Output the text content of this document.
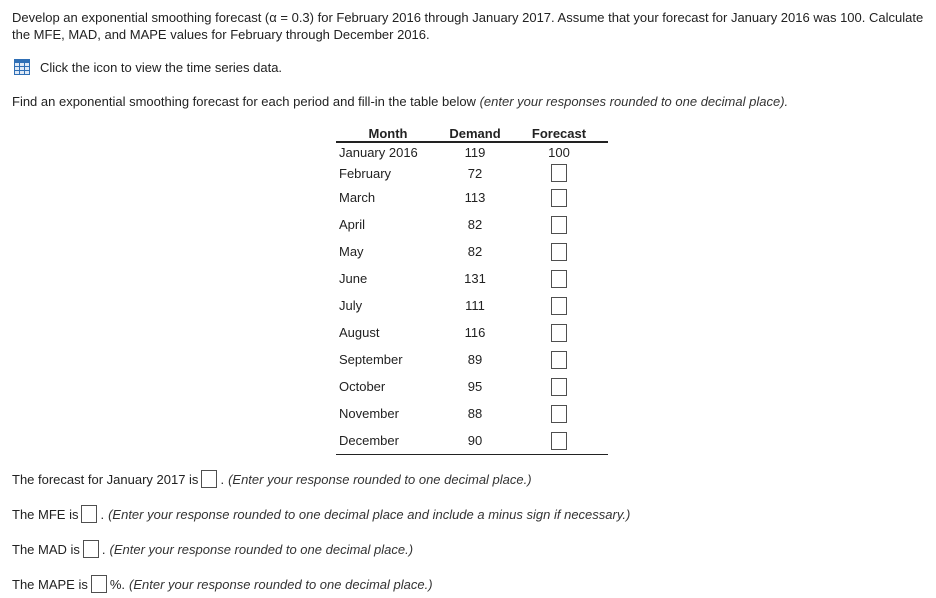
Develop an exponential smoothing forecast (α = 0.3) for February 2016 through January 2017. Assume that your forecast for January 2016 was 100. Calculate
the MFE, MAD, and MAPE values for February through December 2016.
Click the icon to view the time series data.
Find an exponential smoothing forecast for each period and fill-in the table below (enter your responses rounded to one decimal place).
Month	Demand	Forecast
January 2016	119	100
February	72	
March	113	
April	82	
May	82	
June	131	
July	111	
August	116	
September	89	
October	95	
November	88	
December	90	
The forecast for January 2017 is . (Enter your response rounded to one decimal place.)
The MFE is . (Enter your response rounded to one decimal place and include a minus sign if necessary.)
The MAD is . (Enter your response rounded to one decimal place.)
The MAPE is %. (Enter your response rounded to one decimal place.)
